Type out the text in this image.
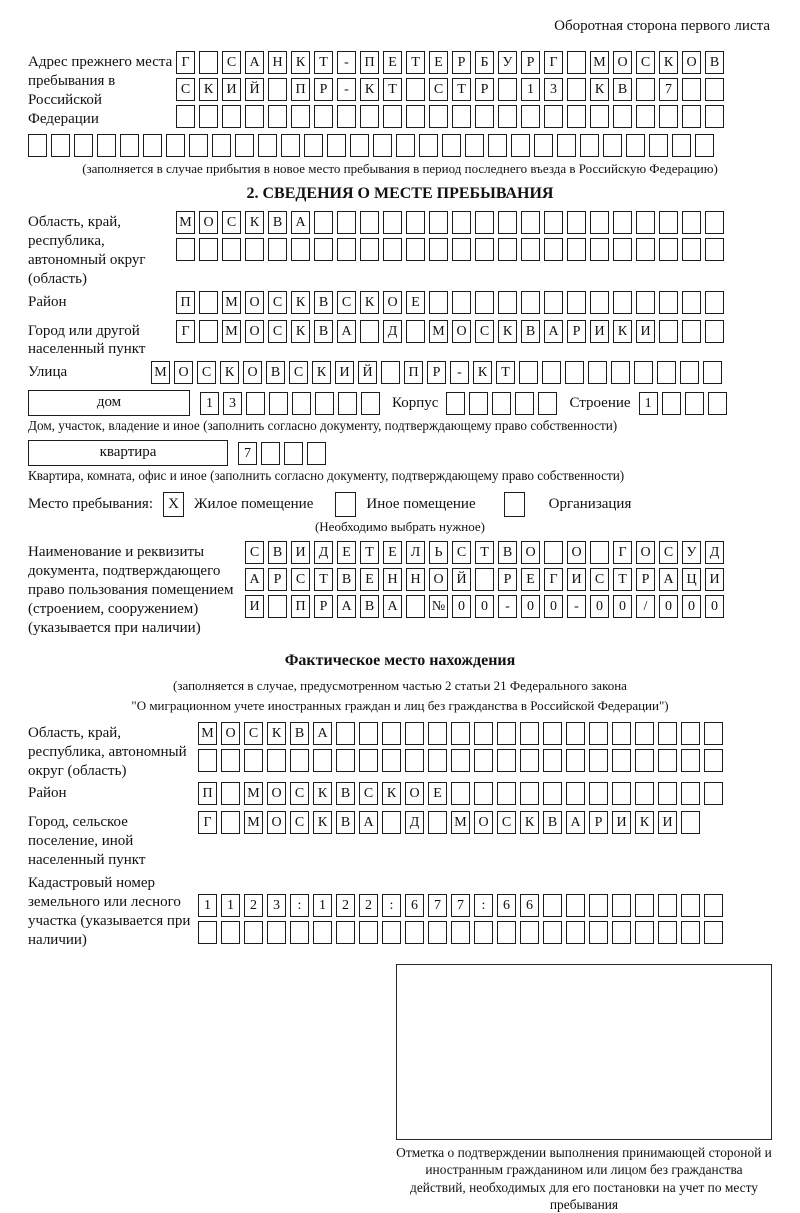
Оборотная сторона первого листа
Адрес прежнего места пребывания в Российской Федерации
Г	С А Н К	Т	-	П Е	Т	Е	Р	Б	У	Р	Г	М О С К О В
С К И Й	П	Р	-	К	Т	С	Т	Р	1	3	К В	7
(заполняется в случае прибытия в новое место пребывания в период последнего въезда в Российскую Федерацию)
2. СВЕДЕНИЯ О МЕСТЕ ПРЕБЫВАНИЯ
Область, край, республика, автономный округ (область)
М О С К В А
Район	П	М О С К В С К О Е
Город или другой населенный пункт
Г	М О С К В А	Д	М О С К В А	Р	И К И
Улица	М О С К О В С К И Й	П	Р	-	К	Т
дом	1	3	Корпус	Строение	1
Дом, участок, владение и иное (заполнить согласно документу, подтверждающему право собственности)
квартира	7
Квартира, комната, офис и иное (заполнить согласно документу, подтверждающему право собственности)
Место пребывания:	X	Жилое помещение	Иное помещение	Организация
(Необходимо выбрать нужное)
Наименование и реквизиты документа, подтверждающего право пользования помещением (строением, сооружением) (указывается при наличии)
С В И Д Е	Т	Е Л	Ь	С	Т	В О	О	Г О С У Д
А	Р	С	Т	В	Е Н Н О Й	Р	Е	Г И С	Т	Р	А Ц И
И	П	Р	А В А	№ 0	0	-	0	0	-	0	0	/	0	0	0
Фактическое место нахождения
(заполняется в случае, предусмотренном частью 2 статьи 21 Федерального закона
"О миграционном учете иностранных граждан и лиц без гражданства в Российской Федерации")
Область, край, республика, автономный округ (область)
М О С К В А
Район	П	М О С К В С К О Е
Город, сельское поселение, иной населенный пункт
Г	М О С К В А	Д	М О С К В А	Р	И К И
Кадастровый номер земельного или лесного участка (указывается при наличии)
1	1	2	3	:	1	2	2	:	6	7	7	:	6	6
Отметка о подтверждении выполнения принимающей стороной и иностранным гражданином или лицом без гражданства действий, необходимых для его постановки на учет по месту пребывания
